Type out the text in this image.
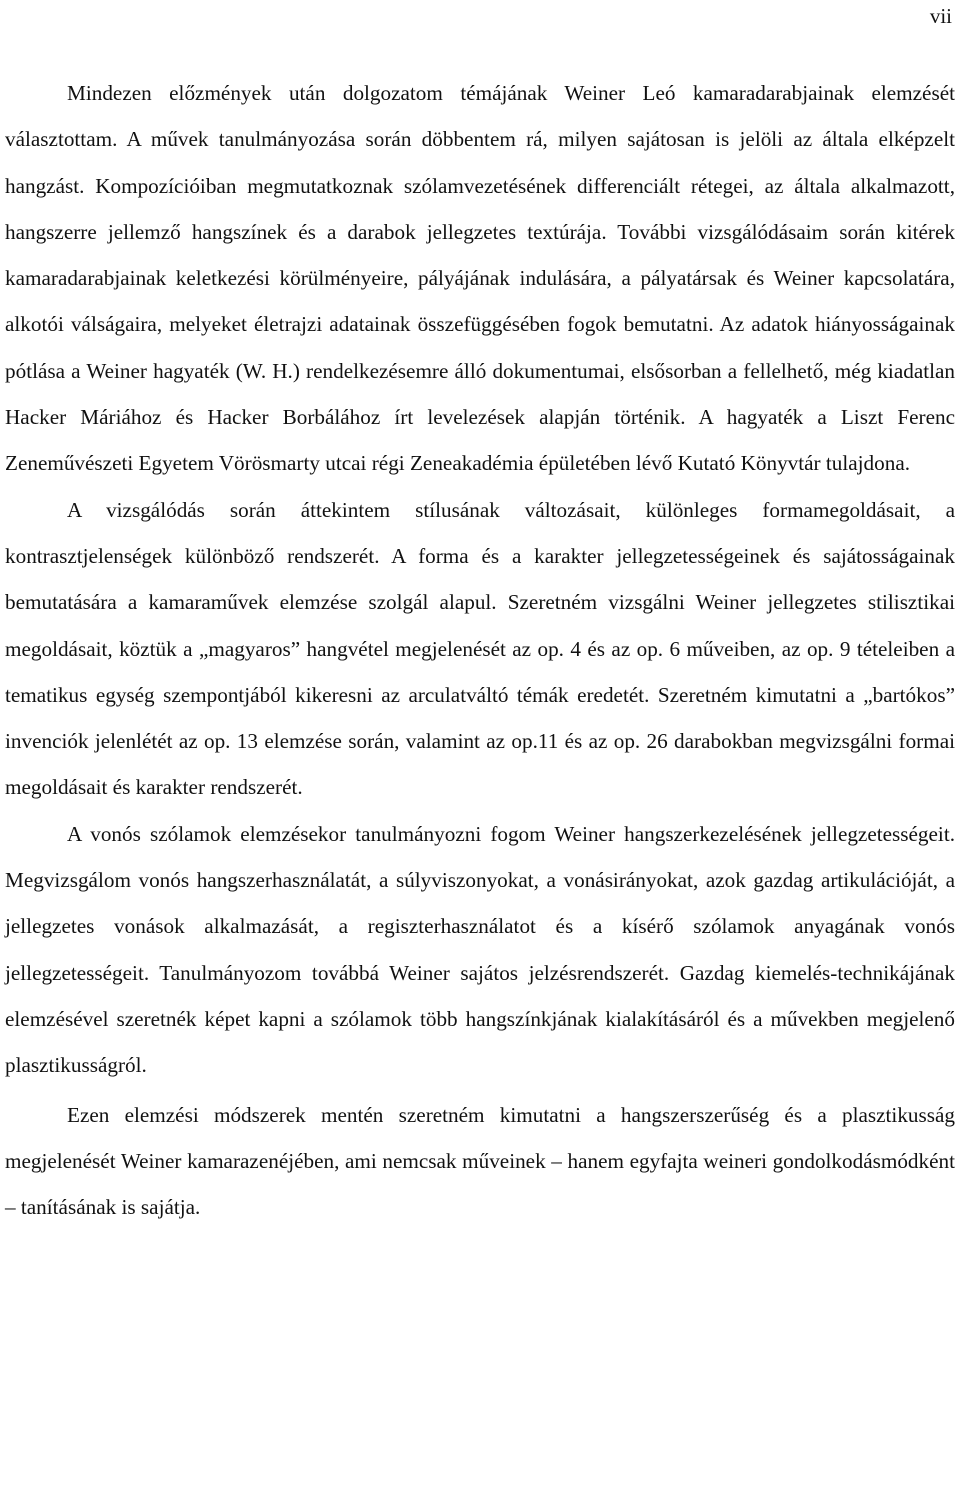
vii

Mindezen előzmények után dolgozatom témájának Weiner Leó kamaradarabjainak elemzését választottam. A művek tanulmányozása során döbbentem rá, milyen sajátosan is jelöli az általa elképzelt hangzást. Kompozícióiban megmutatkoznak szólamvezetésének differenciált rétegei, az általa alkalmazott, hangszerre jellemző hangszínek és a darabok jellegzetes textúrája. További vizsgálódásaim során kitérek kamaradarabjainak keletkezési körülményeire, pályájának indulására, a pályatársak és Weiner kapcsolatára, alkotói válságaira, melyeket életrajzi adatainak összefüggésében fogok bemutatni. Az adatok hiányosságainak pótlása a Weiner hagyaték (W. H.) rendelkezésemre álló dokumentumai, elsősorban a fellelhető, még kiadatlan Hacker Máriához és Hacker Borbálához írt levelezések alapján történik. A hagyaték a Liszt Ferenc Zeneművészeti Egyetem Vörösmarty utcai régi Zeneakadémia épületében lévő Kutató Könyvtár tulajdona.

A vizsgálódás során áttekintem stílusának változásait, különleges formamegoldásait, a kontrasztjelenségek különböző rendszerét. A forma és a karakter jellegzetességeinek és sajátosságainak bemutatására a kamaraművek elemzése szolgál alapul. Szeretném vizsgálni Weiner jellegzetes stilisztikai megoldásait, köztük a „magyaros” hangvétel megjelenését az op. 4 és az op. 6 műveiben, az op. 9 tételeiben a tematikus egység szempontjából kikeresni az arculatváltó témák eredetét. Szeretném kimutatni a „bartókos” invenciók jelenlétét az op. 13 elemzése során, valamint az op.11 és az op. 26 darabokban megvizsgálni formai megoldásait és karakter rendszerét.

A vonós szólamok elemzésekor tanulmányozni fogom Weiner hangszerkezelésének jellegzetességeit. Megvizsgálom vonós hangszerhasználatát, a súlyviszonyokat, a vonásirányokat, azok gazdag artikulációját, a jellegzetes vonások alkalmazását, a regiszterhasználatot és a kísérő szólamok anyagának vonós jellegzetességeit. Tanulmányozom továbbá Weiner sajátos jelzésrendszerét. Gazdag kiemelés-technikájának elemzésével szeretnék képet kapni a szólamok több hangszínkjának kialakításáról és a művekben megjelenő plasztikusságról.

Ezen elemzési módszerek mentén szeretném kimutatni a hangszerszerűség és a plasztikusság megjelenését Weiner kamarazenéjében, ami nemcsak műveinek – hanem egyfajta weineri gondolkodásmódként – tanításának is sajátja.
